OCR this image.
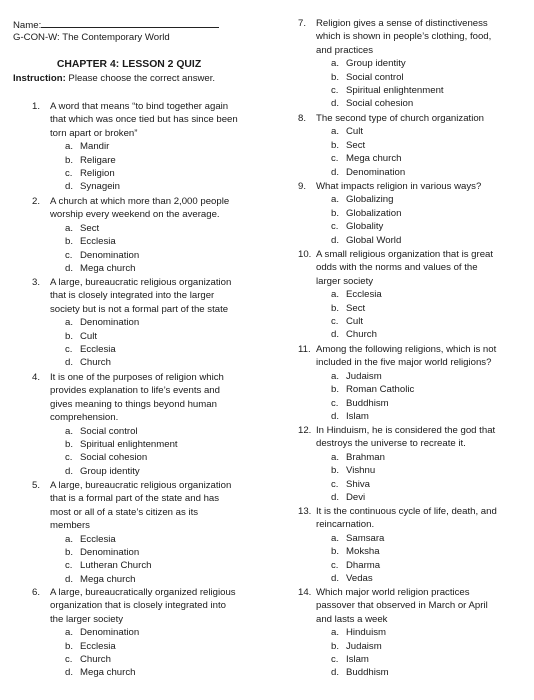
Name:
G-CON-W: The Contemporary World
CHAPTER 4: LESSON 2 QUIZ
Instruction: Please choose the correct answer.
1. A word that means “to bind together again
that which was once tied but has since been
torn apart or broken”
a. Mandir
b. Religare
c. Religion
d. Synagein
2. A church at which more than 2,000 people
worship every weekend on the average.
a. Sect
b. Ecclesia
c. Denomination
d. Mega church
3. A large, bureaucratic religious organization
that is closely integrated into the larger
society but is not a formal part of the state
a. Denomination
b. Cult
c. Ecclesia
d. Church
4. It is one of the purposes of religion which
provides explanation to life’s events and
gives meaning to things beyond human
comprehension.
a. Social control
b. Spiritual enlightenment
c. Social cohesion
d. Group identity
5. A large, bureaucratic religious organization
that is a formal part of the state and has
most or all of a state’s citizen as its
members
a. Ecclesia
b. Denomination
c. Lutheran Church
d. Mega church
6. A large, bureaucratically organized religious
organization that is closely integrated into
the larger society
a. Denomination
b. Ecclesia
c. Church
d. Mega church
7. Religion gives a sense of distinctiveness
which is shown in people’s clothing, food,
and practices
a. Group identity
b. Social control
c. Spiritual enlightenment
d. Social cohesion
8. The second type of church organization
a. Cult
b. Sect
c. Mega church
d. Denomination
9. What impacts religion in various ways?
a. Globalizing
b. Globalization
c. Globality
d. Global World
10. A small religious organization that is great
odds with the norms and values of the
larger society
a. Ecclesia
b. Sect
c. Cult
d. Church
11. Among the following religions, which is not
included in the five major world religions?
a. Judaism
b. Roman Catholic
c. Buddhism
d. Islam
12. In Hinduism, he is considered the god that
destroys the universe to recreate it.
a. Brahman
b. Vishnu
c. Shiva
d. Devi
13. It is the continuous cycle of life, death, and
reincarnation.
a. Samsara
b. Moksha
c. Dharma
d. Vedas
14. Which major world religion practices
passover that observed in March or April
and lasts a week
a. Hinduism
b. Judaism
c. Islam
d. Buddhism
